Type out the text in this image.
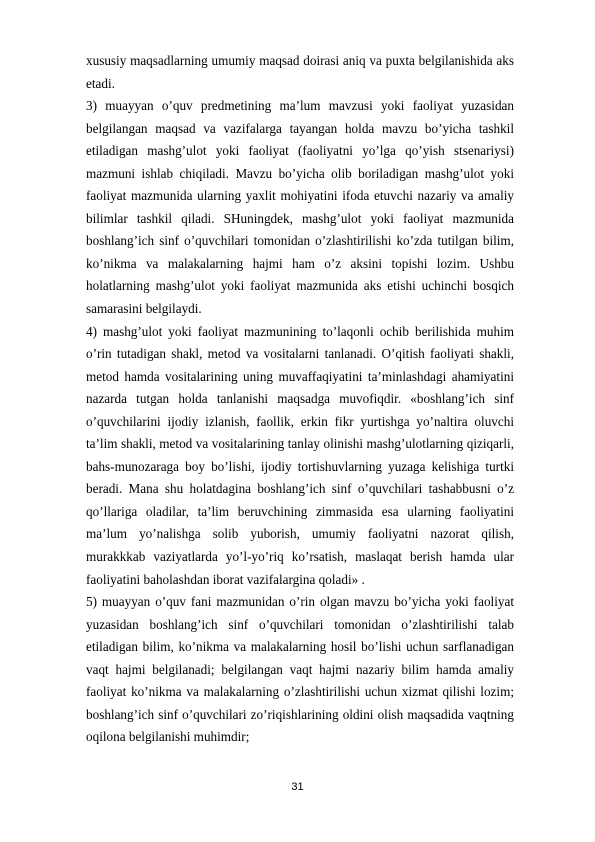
xususiy maqsadlarning umumiy maqsad doirasi aniq va puxta belgilanishida aks etadi.

3) muayyan o’quv predmetining ma’lum mavzusi yoki faoliyat yuzasidan belgilangan maqsad va vazifalarga tayangan holda mavzu bo’yicha tashkil etiladigan mashg’ulot yoki faoliyat (faoliyatni yo’lga qo’yish stsenariysi) mazmuni ishlab chiqiladi. Mavzu bo’yicha olib boriladigan mashg’ulot yoki faoliyat mazmunida ularning yaxlit mohiyatini ifoda etuvchi nazariy va amaliy bilimlar tashkil qiladi. SHuningdek, mashg’ulot yoki faoliyat mazmunida boshlang’ich sinf o’quvchilari tomonidan o’zlashtirilishi ko’zda tutilgan bilim, ko’nikma va malakalarning hajmi ham o’z aksini topishi lozim. Ushbu holatlarning mashg’ulot yoki faoliyat mazmunida aks etishi uchinchi bosqich samarasini belgilaydi.

4) mashg’ulot yoki faoliyat mazmunining to’laqonli ochib berilishida muhim o’rin tutadigan shakl, metod va vositalarni tanlanadi. O’qitish faoliyati shakli, metod hamda vositalarining uning muvaffaqiyatini ta’minlashdagi ahamiyatini nazarda tutgan holda tanlanishi maqsadga muvofiqdir. «boshlang’ich sinf o’quvchilarini ijodiy izlanish, faollik, erkin fikr yurtishga yo’naltira oluvchi ta’lim shakli, metod va vositalarining tanlay olinishi mashg’ulotlarning qiziqarli, bahs-munozaraga boy bo’lishi, ijodiy tortishuvlarning yuzaga kelishiga turtki beradi. Mana shu holatdagina boshlang’ich sinf o’quvchilari tashabbusni o’z qo’llariga oladilar, ta’lim beruvchining zimmasida esa ularning faoliyatini ma’lum yo’nalishga solib yuborish, umumiy faoliyatni nazorat qilish, murakkkab vaziyatlarda yo’l-yo’riq ko’rsatish, maslaqat berish hamda ular faoliyatini baholashdan iborat vazifalargina qoladi» .

5) muayyan o’quv fani mazmunidan o’rin olgan mavzu bo’yicha yoki faoliyat yuzasidan boshlang’ich sinf o’quvchilari tomonidan o’zlashtirilishi talab etiladigan bilim, ko’nikma va malakalarning hosil bo’lishi uchun sarflanadigan vaqt hajmi belgilanadi; belgilangan vaqt hajmi nazariy bilim hamda amaliy faoliyat ko’nikma va malakalarning o’zlashtirilishi uchun xizmat qilishi lozim; boshlang’ich sinf o’quvchilari zo’riqishlarining oldini olish maqsadida vaqtning oqilona belgilanishi muhimdir;

31
